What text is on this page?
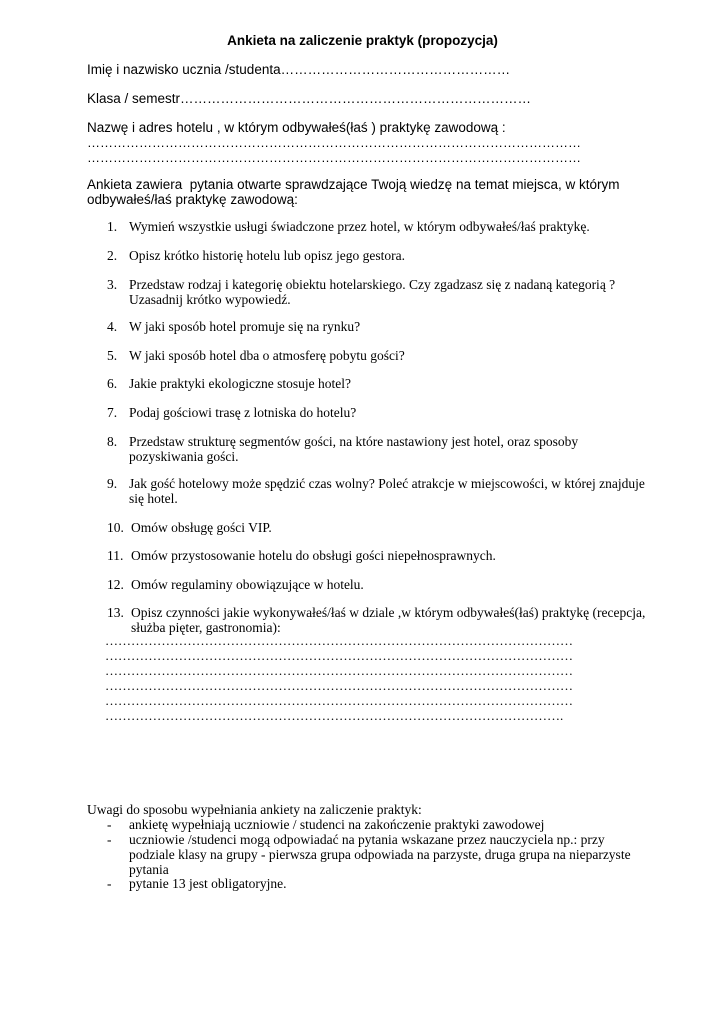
Ankieta na zaliczenie praktyk (propozycja)
Imię i nazwisko ucznia /studenta……………………………………………
Klasa / semestr……………………………………………………………………
Nazwę i adres hotelu , w którym odbywałeś(łaś ) praktykę zawodową :
……………………………………………………………………………………………………
……………………………………………………………………………………………………
Ankieta zawiera  pytania otwarte sprawdzające Twoją wiedzę na temat miejsca, w którym
odbywałeś/łaś praktykę zawodową:
1. Wymień wszystkie usługi świadczone przez hotel, w którym odbywałeś/łaś praktykę.
2. Opisz krótko historię hotelu lub opisz jego gestora.
3. Przedstaw rodzaj i kategorię obiektu hotelarskiego. Czy zgadzasz się z nadaną kategorią ? Uzasadnij krótko wypowiedź.
4. W jaki sposób hotel promuje się na rynku?
5. W jaki sposób hotel dba o atmosferę pobytu gości?
6. Jakie praktyki ekologiczne stosuje hotel?
7. Podaj gościowi trasę z lotniska do hotelu?
8. Przedstaw strukturę segmentów gości, na które nastawiony jest hotel, oraz sposoby pozyskiwania gości.
9. Jak gość hotelowy może spędzić czas wolny? Poleć atrakcje w miejscowości, w której znajduje się hotel.
10. Omów obsługę gości VIP.
11. Omów przystosowanie hotelu do obsługi gości niepełnosprawnych.
12. Omów regulaminy obowiązujące w hotelu.
13. Opisz czynności jakie wykonywałeś/łaś w dziale ,w którym odbywałeś(łaś) praktykę (recepcja, służba pięter, gastronomia):
………………………………………………………………………………………………
………………………………………………………………………………………………
………………………………………………………………………………………………
………………………………………………………………………………………………
………………………………………………………………………………………………
…………………………………………………………………………………………….
Uwagi do sposobu wypełniania ankiety na zaliczenie praktyk:
- ankietę wypełniają uczniowie / studenci na zakończenie praktyki zawodowej
- uczniowie /studenci mogą odpowiadać na pytania wskazane przez nauczyciela np.: przy podziale klasy na grupy - pierwsza grupa odpowiada na parzyste, druga grupa na nieparzyste pytania
- pytanie 13 jest obligatoryjne.
